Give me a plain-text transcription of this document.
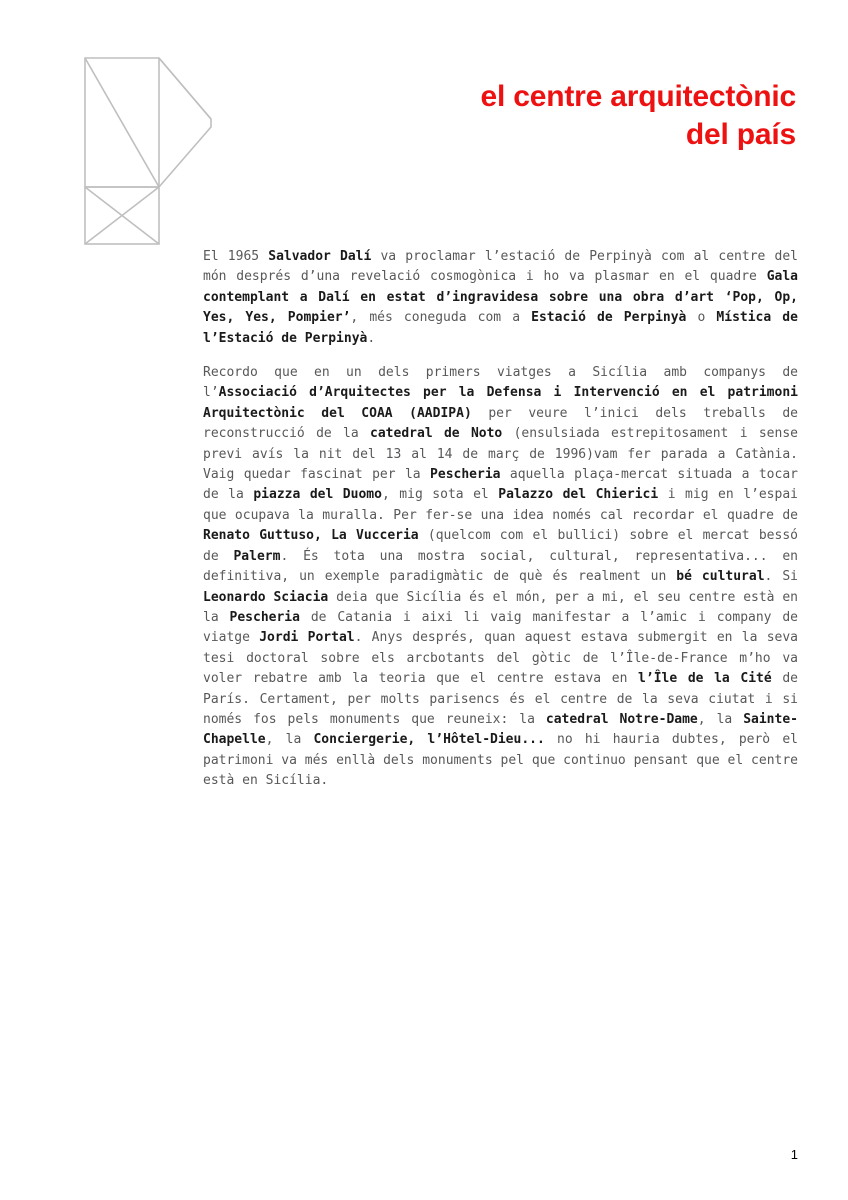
el centre arquitectònic
del país

El 1965 Salvador Dalí va proclamar l’estació de Perpinyà com al centre del món després d’una revelació cosmogònica i ho va plasmar en el quadre Gala contemplant a Dalí en estat d’ingravidesa sobre una obra d’art ‘Pop, Op, Yes, Yes, Pompier’, més coneguda com a Estació de Perpinyà o Mística de l’Estació de Perpinyà.

Recordo que en un dels primers viatges a Sicília amb companys de l’Associació d’Arquitectes per la Defensa i Intervenció en el patrimoni Arquitectònic del COAA (AADIPA) per veure l’inici dels treballs de reconstrucció de la catedral de Noto (ensulsiada estrepitosament i sense previ avís la nit del 13 al 14 de març de 1996)vam fer parada a Catània. Vaig quedar fascinat per la Pescheria aquella plaça-mercat situada a tocar de la piazza del Duomo, mig sota el Palazzo del Chierici i mig en l’espai que ocupava la muralla. Per fer-se una idea només cal recordar el quadre de Renato Guttuso, La Vucceria (quelcom com el bullici) sobre el mercat bessó de Palerm. És tota una mostra social, cultural, representativa... en definitiva, un exemple paradigmàtic de què és realment un bé cultural. Si Leonardo Sciacia deia que Sicília és el món, per a mi, el seu centre està en la Pescheria de Catania i aixi li vaig manifestar a l’amic i company de viatge Jordi Portal. Anys després, quan aquest estava submergit en la seva tesi doctoral sobre els arcbotants del gòtic de l’Île-de-France m’ho va voler rebatre amb la teoria que el centre estava en l’Île de la Cité de París. Certament, per molts parisencs és el centre de la seva ciutat i si només fos pels monuments que reuneix: la catedral Notre-Dame, la Sainte-Chapelle, la Conciergerie, l’Hôtel-Dieu... no hi hauria dubtes, però el patrimoni va més enllà dels monuments pel que continuo pensant que el centre està en Sicília.

1
